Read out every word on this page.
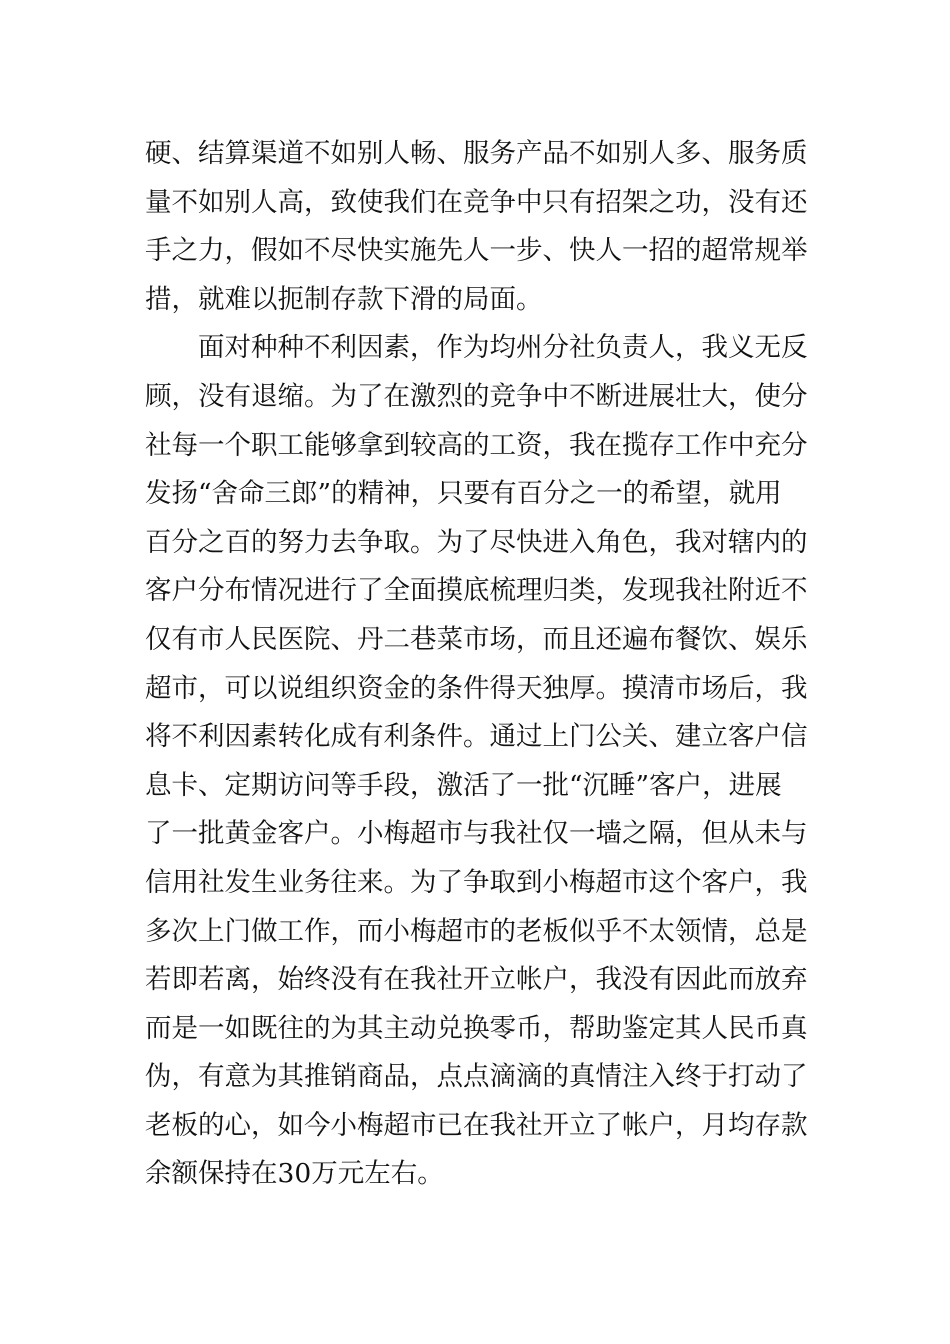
硬、结算渠道不如别人畅、服务产品不如别人多、服务质
量不如别人高，致使我们在竞争中只有招架之功，没有还
手之力，假如不尽快实施先人一步、快人一招的超常规举
措，就难以扼制存款下滑的局面。
面对种种不利因素，作为均州分社负责人，我义无反
顾，没有退缩。为了在激烈的竞争中不断进展壮大，使分
社每一个职工能够拿到较高的工资，我在揽存工作中充分
发扬“舍命三郎”的精神，只要有百分之一的希望，就用
百分之百的努力去争取。为了尽快进入角色，我对辖内的
客户分布情况进行了全面摸底梳理归类，发现我社附近不
仅有市人民医院、丹二巷菜市场，而且还遍布餐饮、娱乐
超市，可以说组织资金的条件得天独厚。摸清市场后，我
将不利因素转化成有利条件。通过上门公关、建立客户信
息卡、定期访问等手段，激活了一批“沉睡”客户，进展
了一批黄金客户。小梅超市与我社仅一墙之隔，但从未与
信用社发生业务往来。为了争取到小梅超市这个客户，我
多次上门做工作，而小梅超市的老板似乎不太领情，总是
若即若离，始终没有在我社开立帐户，我没有因此而放弃
而是一如既往的为其主动兑换零币，帮助鉴定其人民币真
伪，有意为其推销商品，点点滴滴的真情注入终于打动了
老板的心，如今小梅超市已在我社开立了帐户，月均存款
余额保持在30万元左右。
